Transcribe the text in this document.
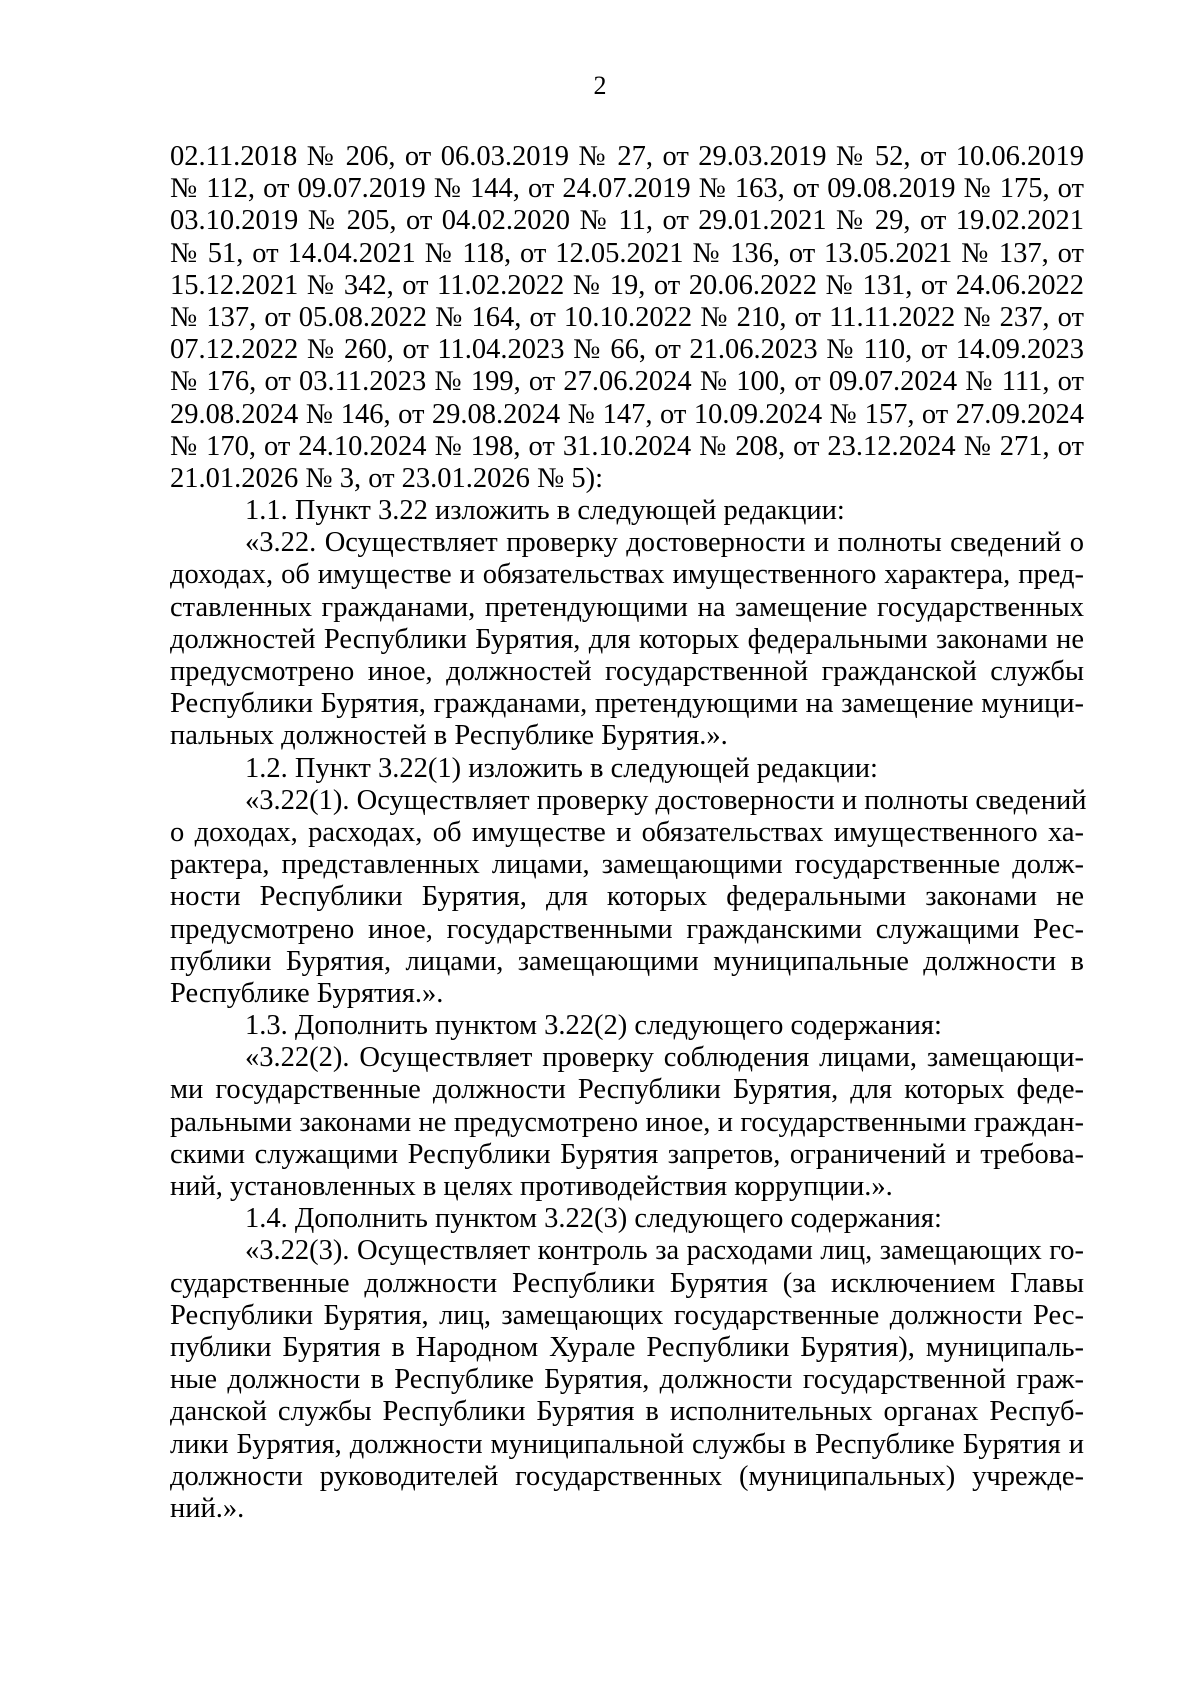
2
02.11.2018 № 206, от 06.03.2019 № 27, от 29.03.2019 № 52, от 10.06.2019
№ 112, от 09.07.2019 № 144, от 24.07.2019 № 163, от 09.08.2019 № 175, от
03.10.2019 № 205, от 04.02.2020 № 11, от 29.01.2021 № 29, от 19.02.2021
№ 51, от 14.04.2021 № 118, от 12.05.2021 № 136, от 13.05.2021 № 137, от
15.12.2021 № 342, от 11.02.2022 № 19, от 20.06.2022 № 131, от 24.06.2022
№ 137, от 05.08.2022 № 164, от 10.10.2022 № 210, от 11.11.2022 № 237, от
07.12.2022 № 260, от 11.04.2023 № 66, от 21.06.2023 № 110, от 14.09.2023
№ 176, от 03.11.2023 № 199, от 27.06.2024 № 100, от 09.07.2024 № 111, от
29.08.2024 № 146, от 29.08.2024 № 147, от 10.09.2024 № 157, от 27.09.2024
№ 170, от 24.10.2024 № 198, от 31.10.2024 № 208, от 23.12.2024 № 271, от
21.01.2026 № 3, от 23.01.2026 № 5):
1.1. Пункт 3.22 изложить в следующей редакции:
«3.22. Осуществляет проверку достоверности и полноты сведений о
доходах, об имуществе и обязательствах имущественного характера, пред-
ставленных гражданами, претендующими на замещение государственных
должностей Республики Бурятия, для которых федеральными законами не
предусмотрено иное, должностей государственной гражданской службы
Республики Бурятия, гражданами, претендующими на замещение муници-
пальных должностей в Республике Бурятия.».
1.2. Пункт 3.22(1) изложить в следующей редакции:
«3.22(1). Осуществляет проверку достоверности и полноты сведений
о доходах, расходах, об имуществе и обязательствах имущественного ха-
рактера, представленных лицами, замещающими государственные долж-
ности Республики Бурятия, для которых федеральными законами не
предусмотрено иное, государственными гражданскими служащими Рес-
публики Бурятия, лицами, замещающими муниципальные должности в
Республике Бурятия.».
1.3. Дополнить пунктом 3.22(2) следующего содержания:
«3.22(2). Осуществляет проверку соблюдения лицами, замещающи-
ми государственные должности Республики Бурятия, для которых феде-
ральными законами не предусмотрено иное, и государственными граждан-
скими служащими Республики Бурятия запретов, ограничений и требова-
ний, установленных в целях противодействия коррупции.».
1.4. Дополнить пунктом 3.22(3) следующего содержания:
«3.22(3). Осуществляет контроль за расходами лиц, замещающих го-
сударственные должности Республики Бурятия (за исключением Главы
Республики Бурятия, лиц, замещающих государственные должности Рес-
публики Бурятия в Народном Хурале Республики Бурятия), муниципаль-
ные должности в Республике Бурятия, должности государственной граж-
данской службы Республики Бурятия в исполнительных органах Респуб-
лики Бурятия, должности муниципальной службы в Республике Бурятия и
должности руководителей государственных (муниципальных) учрежде-
ний.».
